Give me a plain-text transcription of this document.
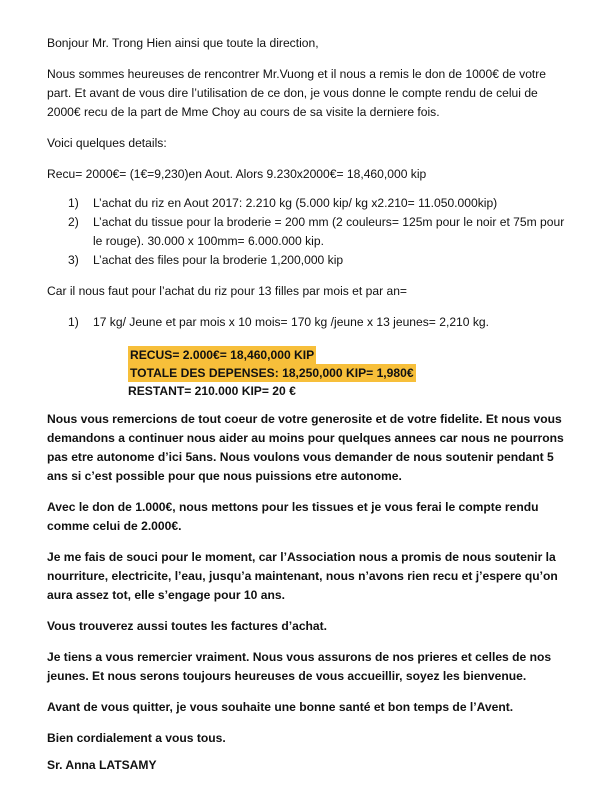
Bonjour Mr. Trong Hien ainsi que toute la direction,

Nous sommes heureuses de rencontrer Mr.Vuong et il nous a remis le don de 1000€ de votre part. Et avant de vous dire l’utilisation de ce don, je vous donne le compte rendu de celui de 2000€ recu de la part de Mme Choy au cours de sa visite la derniere fois.

Voici quelques details:

Recu= 2000€= (1€=9,230)en Aout. Alors 9.230x2000€= 18,460,000 kip

1)	L’achat du riz en Aout 2017: 2.210 kg (5.000 kip/ kg x2.210= 11.050.000kip)
2)	L’achat du tissue pour la broderie = 200 mm (2 couleurs= 125m pour le noir et 75m pour le rouge). 30.000 x 100mm= 6.000.000 kip.
3)	L’achat des files pour la broderie 1,200,000 kip

Car il nous faut pour l’achat du riz pour 13 filles par mois et par an=

1)	17 kg/ Jeune et par mois x 10 mois= 170 kg /jeune x 13 jeunes= 2,210 kg.
RECUS= 2.000€= 18,460,000 KIP
TOTALE DES DEPENSES: 18,250,000 KIP= 1,980€
RESTANT= 210.000 KIP= 20 €

Nous vous remercions de tout coeur de votre generosite et de votre fidelite. Et nous vous demandons a continuer nous aider au moins pour quelques annees car nous ne pourrons pas etre autonome d’ici 5ans. Nous voulons vous demander de nous soutenir pendant 5 ans si c’est possible pour que nous puissions etre autonome.

Avec le don de 1.000€, nous mettons pour les tissues et je vous ferai le compte rendu comme celui de 2.000€.

Je me fais de souci pour le moment, car l’Association nous a promis de nous soutenir la nourriture, electricite, l’eau, jusqu’a maintenant, nous n’avons rien recu et j’espere qu’on aura assez tot, elle s’engage pour 10 ans.

Vous trouverez aussi toutes les factures d’achat.

Je tiens a vous remercier vraiment. Nous vous assurons de nos prieres et celles de nos jeunes. Et nous serons toujours heureuses de vous accueillir, soyez les bienvenue.

Avant de vous quitter, je vous souhaite une bonne santé et bon temps de l’Avent.

Bien cordialement a vous tous.

Sr. Anna LATSAMY
